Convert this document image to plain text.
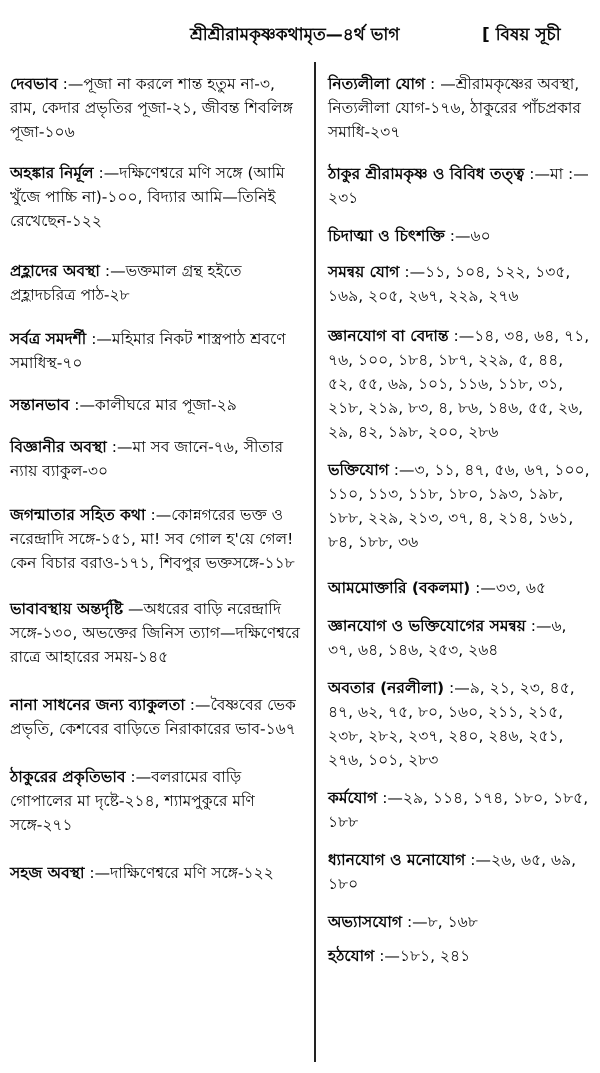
শ্রীশ্রীরামকৃষ্ণকথামৃত—৪র্থ ভাগ	[ বিষয় সূচী

দেবভাব :—পূজা না করলে শান্ত হতুম না-৩, রাম, কেদার প্রভৃতির পূজা-২১, জীবন্ত শিবলিঙ্গ পূজা-১০৬

অহঙ্কার নির্মূল :—দক্ষিণেশ্বরে মণি সঙ্গে (আমি খুঁজে পাচ্চি না)-১০০, বিদ্যার আমি—তিনিই রেখেছেন-১২২

প্রহ্লাদের অবস্থা :—ভক্তমাল গ্রন্থ হইতে প্রহ্লাদচরিত্র পাঠ-২৮

সর্বত্র সমদর্শী :—মহিমার নিকট শাস্ত্রপাঠ শ্রবণে সমাধিস্থ-৭০

সন্তানভাব :—কালীঘরে মার পূজা-২৯

বিজ্ঞানীর অবস্থা :—মা সব জানে-৭৬, সীতার ন্যায় ব্যাকুল-৩০

জগন্মাতার সহিত কথা :—কোন্নগরের ভক্ত ও নরেন্দ্রাদি সঙ্গে-১৫১, মা! সব গোল হ'য়ে গেল! কেন বিচার বরাও-১৭১, শিবপুর ভক্তসঙ্গে-১১৮

ভাবাবস্থায় অন্তর্দৃষ্টি —অধরের বাড়ি নরেন্দ্রাদি সঙ্গে-১৩০, অভক্তের জিনিস ত্যাগ—দক্ষিণেশ্বরে রাত্রে আহারের সময়-১৪৫

নানা সাধনের জন্য ব্যাকুলতা :—বৈষ্ণবের ভেক প্রভৃতি, কেশবের বাড়িতে নিরাকারের ভাব-১৬৭

ঠাকুরের প্রকৃতিভাব :—বলরামের বাড়ি গোপালের মা দৃষ্টে-২১৪, শ্যামপুকুরে মণি সঙ্গে-২৭১

সহজ অবস্থা :—দাক্ষিণেশ্বরে মণি সঙ্গে-১২২

নিত্যলীলা যোগ : —শ্রীরামকৃষ্ণের অবস্থা, নিত্যলীলা যোগ-১৭৬, ঠাকুরের পাঁচপ্রকার সমাধি-২৩৭

ঠাকুর শ্রীরামকৃষ্ণ ও বিবিধ তত্ত্ব :—মা :—২৩১

চিদাত্মা ও চিৎশক্তি :—৬০

সমন্বয় যোগ :—১১, ১০৪, ১২২, ১৩৫, ১৬৯, ২০৫, ২৬৭, ২২৯, ২৭৬

জ্ঞানযোগ বা বেদান্ত :—১৪, ৩৪, ৬৪, ৭১, ৭৬, ১০০, ১৮৪, ১৮৭, ২২৯, ৫, ৪৪, ৫২, ৫৫, ৬৯, ১০১, ১১৬, ১১৮, ৩১, ২১৮, ২১৯, ৮৩, ৪, ৮৬, ১৪৬, ৫৫, ২৬, ২৯, ৪২, ১৯৮, ২০০, ২৮৬

ভক্তিযোগ :—৩, ১১, ৪৭, ৫৬, ৬৭, ১০০, ১১০, ১১৩, ১১৮, ১৮০, ১৯৩, ১৯৮, ১৮৮, ২২৯, ২১৩, ৩৭, ৪, ২১৪, ১৬১, ৮৪, ১৮৮, ৩৬

আমমোক্তারি (বকলমা) :—৩৩, ৬৫

জ্ঞানযোগ ও ভক্তিযোগের সমন্বয় :—৬, ৩৭, ৬৪, ১৪৬, ২৫৩, ২৬৪

অবতার (নরলীলা) :—৯, ২১, ২৩, ৪৫, ৪৭, ৬২, ৭৫, ৮০, ১৬০, ২১১, ২১৫, ২৩৮, ২৮২, ২৩৭, ২৪০, ২৪৬, ২৫১, ২৭৬, ১০১, ২৮৩

কর্মযোগ :—২৯, ১১৪, ১৭৪, ১৮০, ১৮৫, ১৮৮

ধ্যানযোগ ও মনোযোগ :—২৬, ৬৫, ৬৯, ১৮০

অভ্যাসযোগ :—৮, ১৬৮

হঠযোগ :—১৮১, ২৪১
